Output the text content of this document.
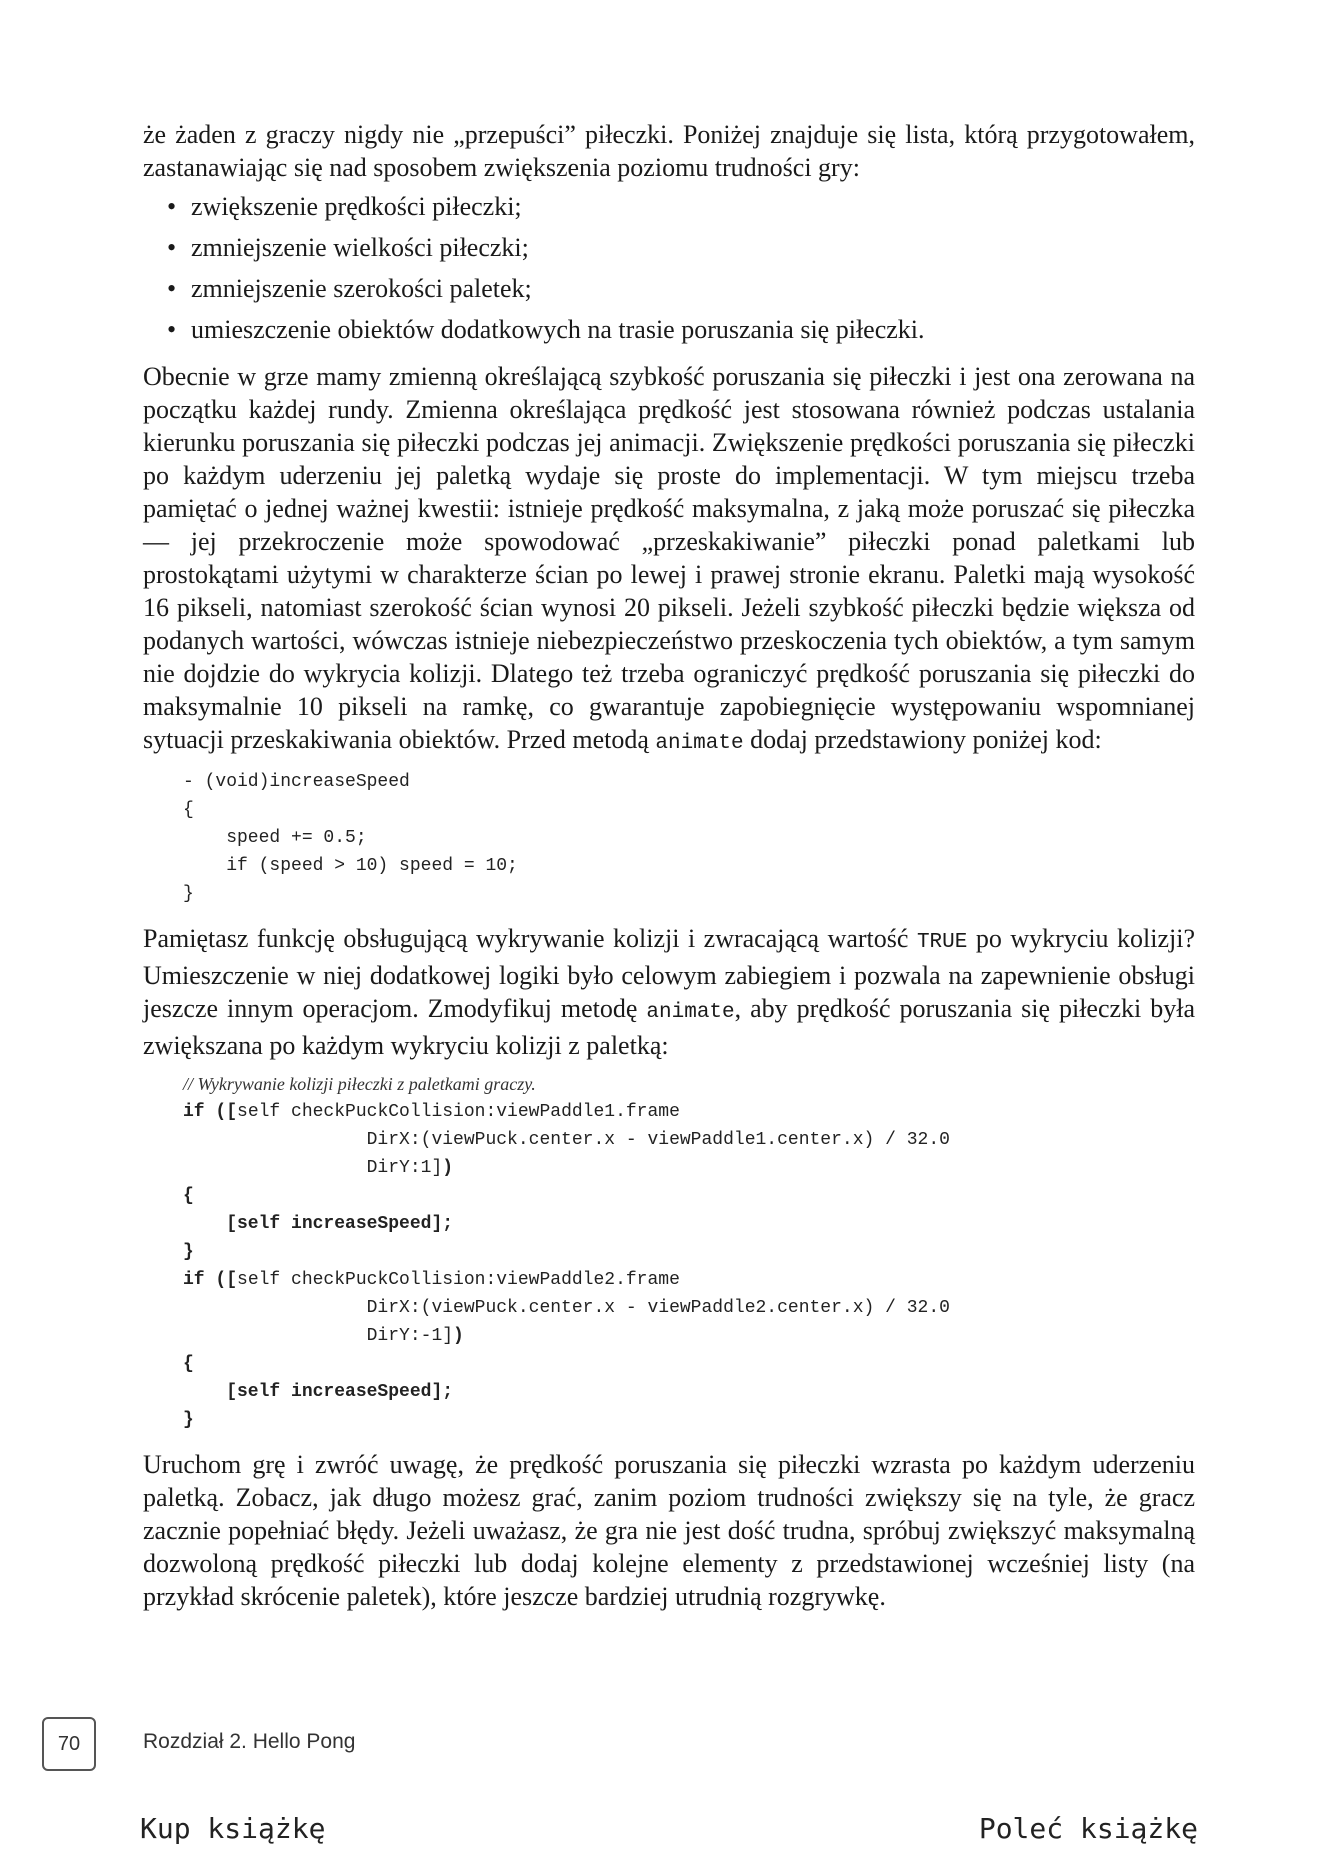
że żaden z graczy nigdy nie „przepuści” piłeczki. Poniżej znajduje się lista, którą przygotowałem, zastanawiając się nad sposobem zwiększenia poziomu trudności gry:

• zwiększenie prędkości piłeczki;
• zmniejszenie wielkości piłeczki;
• zmniejszenie szerokości paletek;
• umieszczenie obiektów dodatkowych na trasie poruszania się piłeczki.

Obecnie w grze mamy zmienną określającą szybkość poruszania się piłeczki i jest ona zerowana na początku każdej rundy. Zmienna określająca prędkość jest stosowana również podczas ustalania kierunku poruszania się piłeczki podczas jej animacji. Zwiększenie prędkości poruszania się piłeczki po każdym uderzeniu jej paletką wydaje się proste do implementacji. W tym miejscu trzeba pamiętać o jednej ważnej kwestii: istnieje prędkość maksymalna, z jaką może poruszać się piłeczka — jej przekroczenie może spowodować „przeskakiwanie” piłeczki ponad paletkami lub prostokątami użytymi w charakterze ścian po lewej i prawej stronie ekranu. Paletki mają wysokość 16 pikseli, natomiast szerokość ścian wynosi 20 pikseli. Jeżeli szybkość piłeczki będzie większa od podanych wartości, wówczas istnieje niebezpieczeństwo przeskoczenia tych obiektów, a tym samym nie dojdzie do wykrycia kolizji. Dlatego też trzeba ograniczyć prędkość poruszania się piłeczki do maksymalnie 10 pikseli na ramkę, co gwarantuje zapobiegnięcie występowaniu wspomnianej sytuacji przeskakiwania obiektów. Przed metodą animate dodaj przedstawiony poniżej kod:

- (void)increaseSpeed
{
speed += 0.5;
if (speed > 10) speed = 10;
}

Pamiętasz funkcję obsługującą wykrywanie kolizji i zwracającą wartość TRUE po wykryciu kolizji? Umieszczenie w niej dodatkowej logiki było celowym zabiegiem i pozwala na zapewnienie obsługi jeszcze innym operacjom. Zmodyfikuj metodę animate, aby prędkość poruszania się piłeczki była zwiększana po każdym wykryciu kolizji z paletką:

// Wykrywanie kolizji piłeczki z paletkami graczy.
if ([self checkPuckCollision:viewPaddle1.frame
DirX:(viewPuck.center.x - viewPaddle1.center.x) / 32.0
DirY:1])
{
[self increaseSpeed];
}
if ([self checkPuckCollision:viewPaddle2.frame
DirX:(viewPuck.center.x - viewPaddle2.center.x) / 32.0
DirY:-1])
{
[self increaseSpeed];
}

Uruchom grę i zwróć uwagę, że prędkość poruszania się piłeczki wzrasta po każdym uderzeniu paletką. Zobacz, jak długo możesz grać, zanim poziom trudności zwiększy się na tyle, że gracz zacznie popełniać błędy. Jeżeli uważasz, że gra nie jest dość trudna, spróbuj zwiększyć maksymalną dozwoloną prędkość piłeczki lub dodaj kolejne elementy z przedstawionej wcześniej listy (na przykład skrócenie paletek), które jeszcze bardziej utrudnią rozgrywkę.

70	Rozdział 2. Hello Pong
Kup książkę	Poleć książkę
